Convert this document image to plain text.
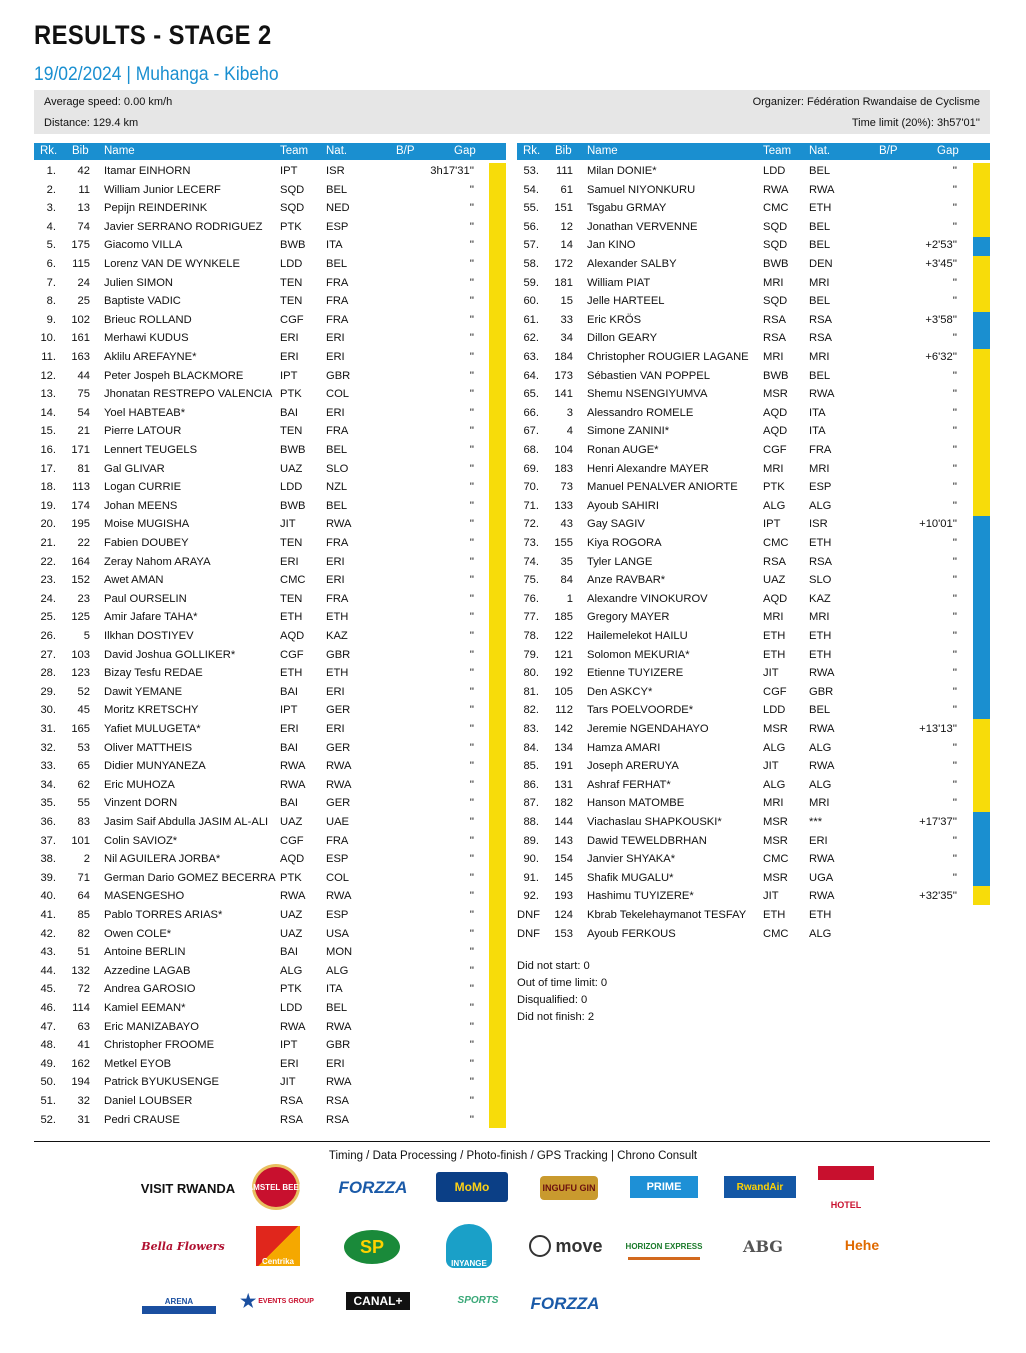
RESULTS - STAGE 2
19/02/2024 | Muhanga - Kibeho
Average speed: 0.00 km/h
Distance: 129.4 km
Organizer: Fédération Rwandaise de Cyclisme
Time limit (20%): 3h57'01''
Rk. Bib Name	Team Nat.	B/P	Gap	Rk. Bib Name	Team Nat.	B/P	Gap
1.	42 Itamar EINHORN	IPT	ISR	3h17'31''
2.	11 William Junior LECERF	SQD BEL	''
3.	13 Pepijn REINDERINK	SQD NED	''
4.	74 Javier SERRANO RODRIGUEZ PTK ESP	''
5.	175 Giacomo VILLA	BWB ITA	''
6.	115 Lorenz VAN DE WYNKELE	LDD BEL	''
7.	24 Julien SIMON	TEN FRA	''
8.	25 Baptiste VADIC	TEN FRA	''
9.	102 Brieuc ROLLAND	CGF FRA	''
10.	161 Merhawi KUDUS	ERI ERI	''
11.	163 Aklilu AREFAYNE*	ERI ERI	''
12.	44 Peter Jospeh BLACKMORE	IPT	GBR	''
13.	75 Jhonatan RESTREPO VALENCIA PTK COL	''
14.	54 Yoel HABTEAB*	BAI ERI	''
15.	21 Pierre LATOUR	TEN FRA	''
16.	171 Lennert TEUGELS	BWB BEL	''
17.	81 Gal GLIVAR	UAZ SLO	''
18.	113 Logan CURRIE	LDD NZL	''
19.	174 Johan MEENS	BWB BEL	''
20.	195 Moise MUGISHA	JIT	RWA	''
21.	22 Fabien DOUBEY	TEN FRA	''
22.	164 Zeray Nahom ARAYA	ERI ERI	''
23.	152 Awet AMAN	CMC ERI	''
24.	23 Paul OURSELIN	TEN FRA	''
25.	125 Amir Jafare TAHA*	ETH ETH	''
26.	5 Ilkhan DOSTIYEV	AQD KAZ	''
27.	103 David Joshua GOLLIKER*	CGF GBR	''
28.	123 Bizay Tesfu REDAE	ETH ETH	''
29.	52 Dawit YEMANE	BAI ERI	''
30.	45 Moritz KRETSCHY	IPT	GER	''
31.	165 Yafiet MULUGETA*	ERI ERI	''
32.	53 Oliver MATTHEIS	BAI GER	''
33.	65 Didier MUNYANEZA	RWA RWA	''
34.	62 Eric MUHOZA	RWA RWA	''
35.	55 Vinzent DORN	BAI GER	''
36.	83 Jasim Saif Abdulla JASIM AL-ALI UAZ UAE	''
37.	101 Colin SAVIOZ*	CGF FRA	''
38.	2 Nil AGUILERA JORBA*	AQD ESP	''
39.	71 German Dario GOMEZ BECERRA PTK COL	''
40.	64 MASENGESHO	RWA RWA	''
41.	85 Pablo TORRES ARIAS*	UAZ ESP	''
42.	82 Owen COLE*	UAZ USA	''
43.	51 Antoine BERLIN	BAI MON	''
44.	132 Azzedine LAGAB	ALG ALG	''
45.	72 Andrea GAROSIO	PTK ITA	''
46.	114 Kamiel EEMAN*	LDD BEL	''
47.	63 Eric MANIZABAYO	RWA RWA	''
48.	41 Christopher FROOME	IPT	GBR	''
49.	162 Metkel EYOB	ERI ERI	''
50.	194 Patrick BYUKUSENGE	JIT	RWA	''
51.	32 Daniel LOUBSER	RSA RSA	''
52.	31 Pedri CRAUSE	RSA RSA	''
53.	111 Milan DONIE*	LDD BEL	''
54.	61 Samuel NIYONKURU	RWA RWA	''
55.	151 Tsgabu GRMAY	CMC ETH	''
56.	12 Jonathan VERVENNE	SQD BEL	''
57.	14 Jan KINO	SQD BEL	+2'53''
58.	172 Alexander SALBY	BWB DEN	+3'45''
59.	181 William PIAT	MRI MRI	''
60.	15 Jelle HARTEEL	SQD BEL	''
61.	33 Eric KRÖS	RSA RSA	+3'58''
62.	34 Dillon GEARY	RSA RSA	''
63.	184 Christopher ROUGIER LAGANE MRI MRI	+6'32''
64.	173 Sébastien VAN POPPEL	BWB BEL	''
65.	141 Shemu NSENGIYUMVA	MSR RWA	''
66.	3 Alessandro ROMELE	AQD ITA	''
67.	4 Simone ZANINI*	AQD ITA	''
68.	104 Ronan AUGE*	CGF FRA	''
69.	183 Henri Alexandre MAYER	MRI MRI	''
70.	73 Manuel PENALVER ANIORTE PTK ESP	''
71.	133 Ayoub SAHIRI	ALG ALG	''
72.	43 Gay SAGIV	IPT	ISR	+10'01''
73.	155 Kiya ROGORA	CMC ETH	''
74.	35 Tyler LANGE	RSA RSA	''
75.	84 Anze RAVBAR*	UAZ SLO	''
76.	1 Alexandre VINOKUROV	AQD KAZ	''
77.	185 Gregory MAYER	MRI MRI	''
78.	122 Hailemelekot HAILU	ETH ETH	''
79.	121 Solomon MEKURIA*	ETH ETH	''
80.	192 Etienne TUYIZERE	JIT	RWA	''
81.	105 Den ASKCY*	CGF GBR	''
82.	112 Tars POELVOORDE*	LDD BEL	''
83.	142 Jeremie NGENDAHAYO	MSR RWA	+13'13''
84.	134 Hamza AMARI	ALG ALG	''
85.	191 Joseph ARERUYA	JIT	RWA	''
86.	131 Ashraf FERHAT*	ALG ALG	''
87.	182 Hanson MATOMBE	MRI MRI	''
88.	144 Viachaslau SHAPKOUSKI*	MSR ***	+17'37''
89.	143 Dawid TEWELDBRHAN	MSR ERI	''
90.	154 Janvier SHYAKA*	CMC RWA	''
91.	145 Shafik MUGALU*	MSR UGA	''
92.	193 Hashimu TUYIZERE*	JIT	RWA	+32'35''
DNF	124 Kbrab Tekelehaymanot TESFAY ETH ETH
DNF	153 Ayoub FERKOUS	CMC ALG
Did not start: 0
Out of time limit: 0
Disqualified: 0
Did not finish: 2
Timing / Data Processing / Photo-finish / GPS Tracking | Chrono Consult
VISIT RWANDA AMSTEL BEER FORZZA	MoMo	INGUFU GIN	PRIME	RwandAir
HOTEL
Bella Flowers
Centrika
SP
INYANGE
move	HORIZON EXPRESS	ABG	Hehe
ARENA	★ EVENTS GROUP	CANAL+	SPORTS	FORZZA
